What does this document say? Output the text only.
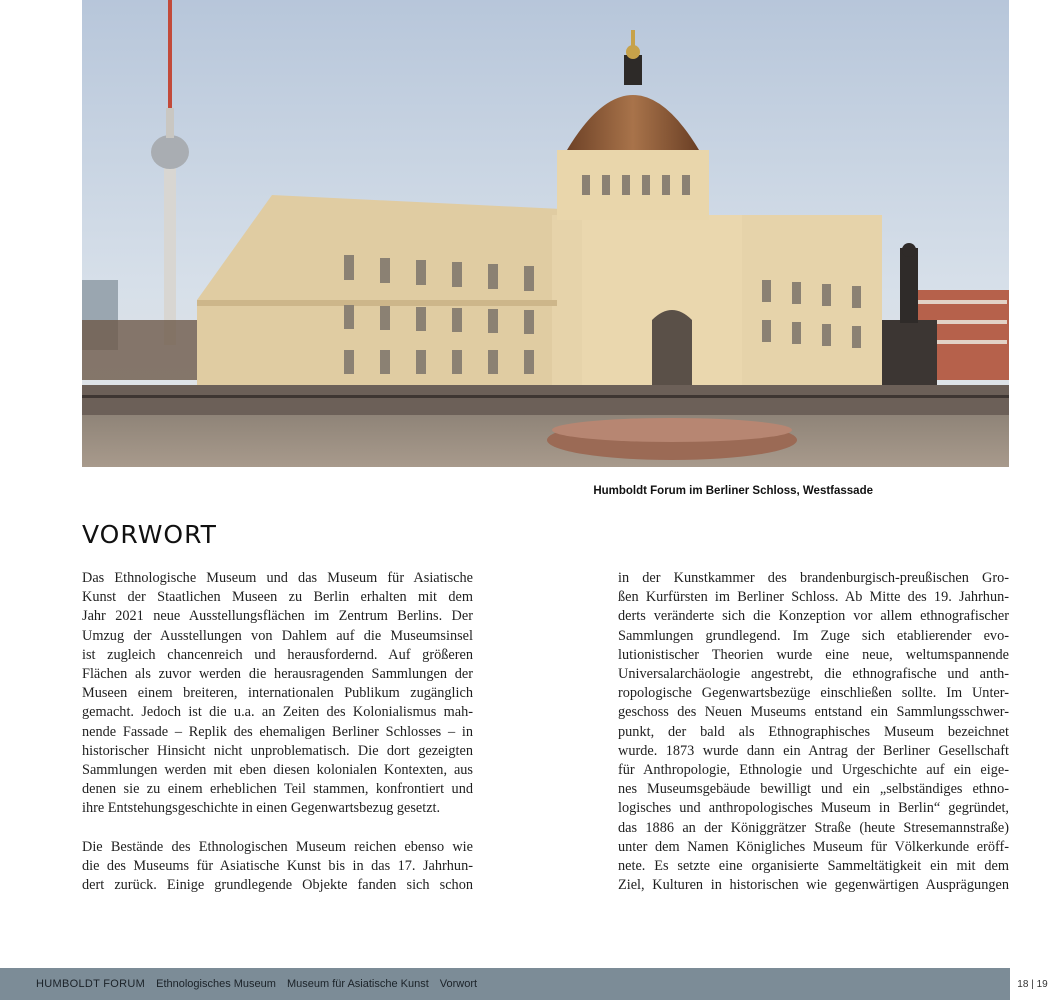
Humboldt Forum im Berliner Schloss, Westfassade
VORWORT

Das Ethnologische Museum und das Museum für Asiatische
Kunst der Staatlichen Museen zu Berlin erhalten mit dem
Jahr 2021 neue Ausstellungsflächen im Zentrum Berlins. Der
Umzug der Ausstellungen von Dahlem auf die Museumsinsel
ist zugleich chancenreich und herausfordernd. Auf größeren
Flächen als zuvor werden die herausragenden Sammlungen der
Museen einem breiteren, internationalen Publikum zugänglich
gemacht. Jedoch ist die u.a. an Zeiten des Kolonialismus mah-
nende Fassade – Replik des ehemaligen Berliner Schlosses – in
historischer Hinsicht nicht unproblematisch. Die dort gezeigten
Sammlungen werden mit eben diesen kolonialen Kontexten, aus
denen sie zu einem erheblichen Teil stammen, konfrontiert und
ihre Entstehungsgeschichte in einen Gegenwartsbezug gesetzt.

Die Bestände des Ethnologischen Museum reichen ebenso wie
die des Museums für Asiatische Kunst bis in das 17. Jahrhun-
dert zurück. Einige grundlegende Objekte fanden sich schon

in der Kunstkammer des brandenburgisch-preußischen Gro-
ßen Kurfürsten im Berliner Schloss. Ab Mitte des 19. Jahrhun-
derts veränderte sich die Konzeption vor allem ethnografischer
Sammlungen grundlegend. Im Zuge sich etablierender evo-
lutionistischer Theorien wurde eine neue, weltumspannende
Universalarchäologie angestrebt, die ethnografische und anth-
ropologische Gegenwartsbezüge einschließen sollte. Im Unter-
geschoss des Neuen Museums entstand ein Sammlungsschwer-
punkt, der bald als Ethnographisches Museum bezeichnet
wurde. 1873 wurde dann ein Antrag der Berliner Gesellschaft
für Anthropologie, Ethnologie und Urgeschichte auf ein eige-
nes Museumsgebäude bewilligt und ein „selbständiges ethno-
logisches und anthropologisches Museum in Berlin“ gegründet,
das 1886 an der Königgrätzer Straße (heute Stresemannstraße)
unter dem Namen Königliches Museum für Völkerkunde eröff-
nete. Es setzte eine organisierte Sammeltätigkeit ein mit dem
Ziel, Kulturen in historischen wie gegenwärtigen Ausprägungen

HUMBOLDT FORUM Ethnologisches Museum Museum für Asiatische Kunst Vorwort	18 | 19
